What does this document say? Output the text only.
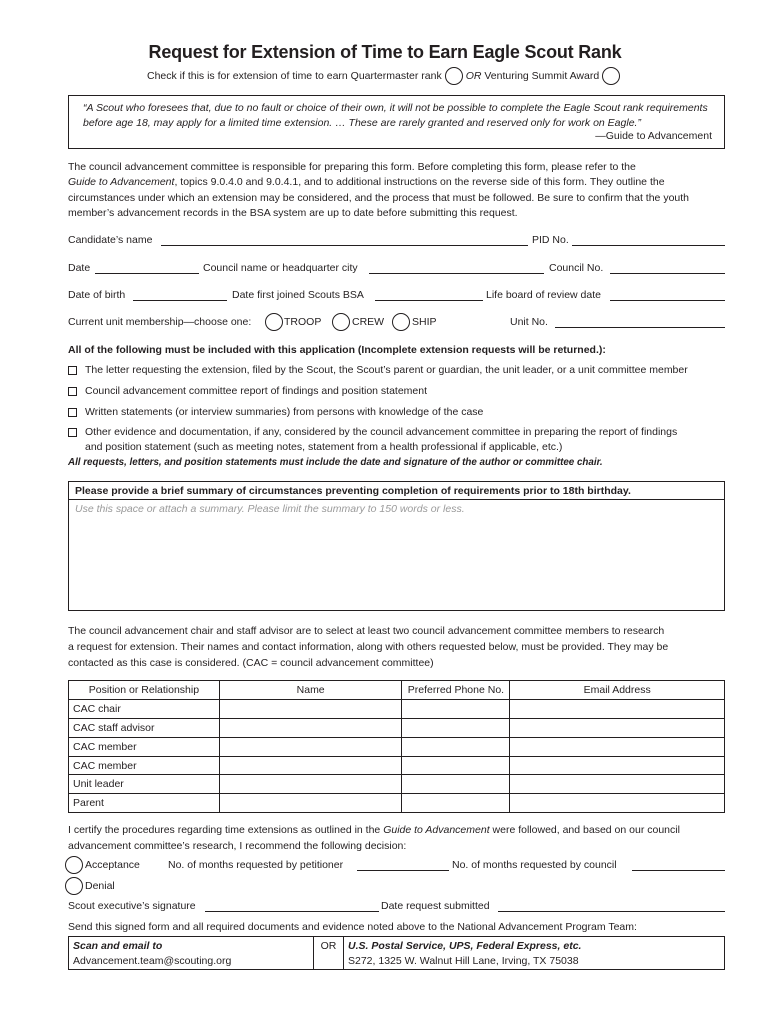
Request for Extension of Time to Earn Eagle Scout Rank
Check if this is for extension of time to earn Quartermaster rank OR
Venturing Summit Award
“A Scout who foresees that, due to no fault or choice of their own, it will not be possible to complete the Eagle Scout rank requirements before age 18, may apply for a limited time extension. … These are rarely granted and reserved only for work on Eagle.”
—Guide to Advancement
The council advancement committee is responsible for preparing this form. Before completing this form, please refer to the
Guide to Advancement, topics 9.0.4.0 and 9.0.4.1, and to additional instructions on the reverse side of this form. They outline the
circumstances under which an extension may be considered, and the process that must be followed. Be sure to confirm that the youth
member’s advancement records in the BSA system are up to date before submitting this request.
Candidate’s name	PID No.
Date	Council name or headquarter city	Council No.
Date of birth	Date first joined Scouts BSA	Life board of review date
Current unit membership—choose one:	TROOP	CREW	SHIP	Unit No.
All of the following must be included with this application (Incomplete extension requests will be returned.):
The letter requesting the extension, filed by the Scout, the Scout’s parent or guardian, the unit leader, or a unit committee member
Council advancement committee report of findings and position statement
Written statements (or interview summaries) from persons with knowledge of the case
Other evidence and documentation, if any, considered by the council advancement committee in preparing the report of findings
and position statement (such as meeting notes, statement from a health professional if applicable, etc.)
All requests, letters, and position statements must include the date and signature of the author or committee chair.
Please provide a brief summary of circumstances preventing completion of requirements prior to 18th birthday.
Use this space or attach a summary. Please limit the summary to 150 words or less.
The council advancement chair and staff advisor are to select at least two council advancement committee members to research
a request for extension. Their names and contact information, along with others requested below, must be provided. They may be
contacted as this case is considered. (CAC = council advancement committee)
Position or Relationship	Name	Preferred Phone No.	Email Address
CAC chair			
CAC staff advisor			
CAC member			
CAC member			
Unit leader			
Parent			
I certify the procedures regarding time extensions as outlined in the Guide to Advancement were followed, and based on our council
advancement committee’s research, I recommend the following decision:
Acceptance	No. of months requested by petitioner	No. of months requested by council
Denial
Scout executive’s signature	Date request submitted
Send this signed form and all required documents and evidence noted above to the National Advancement Program Team:
Scan and email to
Advancement.team@scouting.org
OR	U.S. Postal Service, UPS, Federal Express, etc.
S272, 1325 W. Walnut Hill Lane, Irving, TX 75038
